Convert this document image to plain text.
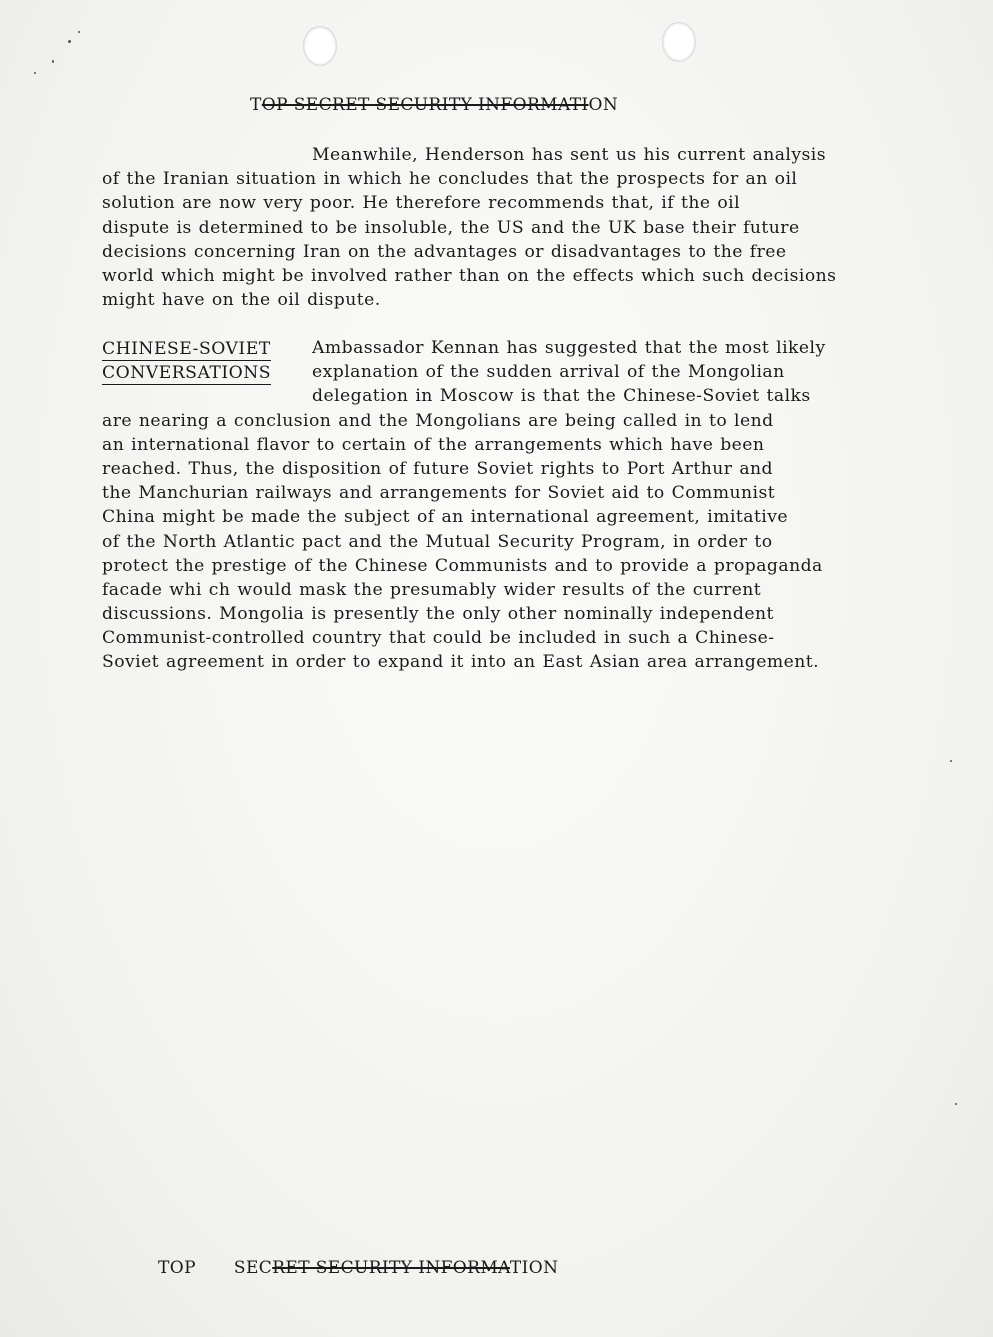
TOP SECRET SECURITY INFORMATION
Meanwhile, Henderson has sent us his current analysis
of the Iranian situation in which he concludes that the prospects for an oil
solution are now very poor. He therefore recommends that, if the oil
dispute is determined to be insoluble, the US and the UK base their future
decisions concerning Iran on the advantages or disadvantages to the free
world which might be involved rather than on the effects which such decisions
might have on the oil dispute.
CHINESE-SOVIET
CONVERSATIONS
Ambassador Kennan has suggested that the most likely
explanation of the sudden arrival of the Mongolian
delegation in Moscow is that the Chinese-Soviet talks
are nearing a conclusion and the Mongolians are being called in to lend
an international flavor to certain of the arrangements which have been
reached. Thus, the disposition of future Soviet rights to Port Arthur and
the Manchurian railways and arrangements for Soviet aid to Communist
China might be made the subject of an international agreement, imitative
of the North Atlantic pact and the Mutual Security Program, in order to
protect the prestige of the Chinese Communists and to provide a propaganda
facade whi ch would mask the presumably wider results of the current
discussions. Mongolia is presently the only other nominally independent
Communist-controlled country that could be included in such a Chinese-
Soviet agreement in order to expand it into an East Asian area arrangement.
TOP SECRET SECURITY INFORMATION
